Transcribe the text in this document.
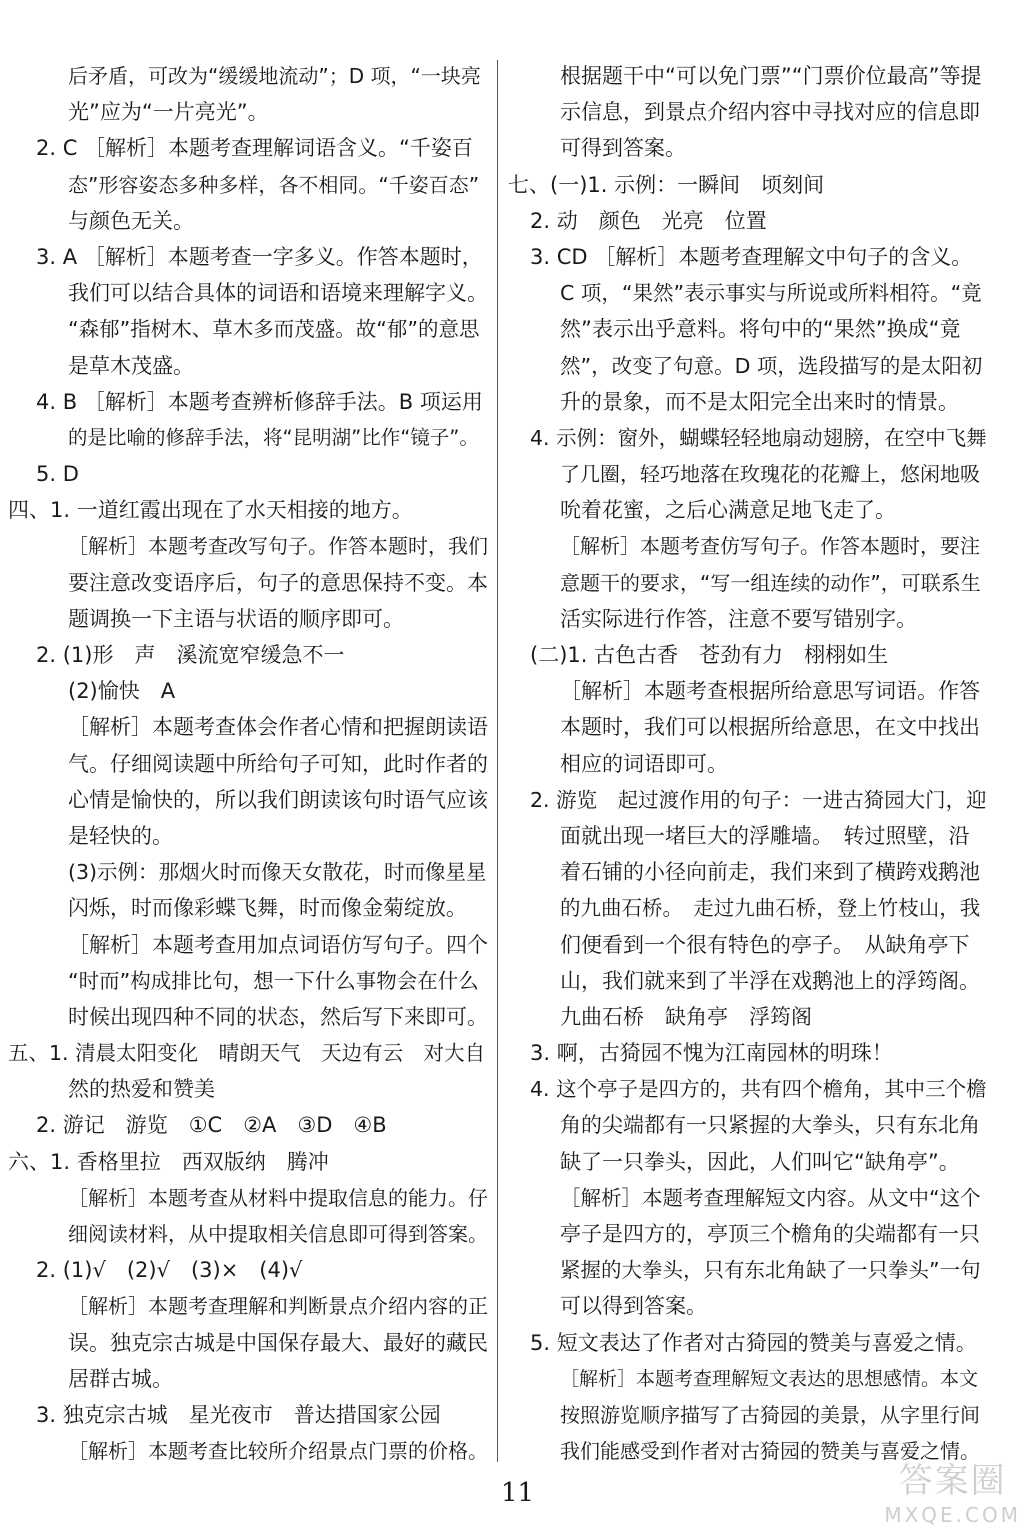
后矛盾，可改为“缓缓地流动”；D 项，“一块亮
光”应为“一片亮光”。
2. C ［解析］本题考查理解词语含义。“千姿百
态”形容姿态多种多样，各不相同。“千姿百态”
与颜色无关。
3. A ［解析］本题考查一字多义。作答本题时，
我们可以结合具体的词语和语境来理解字义。
“森郁”指树木、草木多而茂盛。故“郁”的意思
是草木茂盛。
4. B ［解析］本题考查辨析修辞手法。B 项运用
的是比喻的修辞手法，将“昆明湖”比作“镜子”。
5. D
四、1. 一道红霞出现在了水天相接的地方。
［解析］本题考查改写句子。作答本题时，我们
要注意改变语序后，句子的意思保持不变。本
题调换一下主语与状语的顺序即可。
2. (1)形　声　溪流宽窄缓急不一
(2)愉快　A
［解析］本题考查体会作者心情和把握朗读语
气。仔细阅读题中所给句子可知，此时作者的
心情是愉快的，所以我们朗读该句时语气应该
是轻快的。
(3)示例：那烟火时而像天女散花，时而像星星
闪烁，时而像彩蝶飞舞，时而像金菊绽放。
［解析］本题考查用加点词语仿写句子。四个
“时而”构成排比句，想一下什么事物会在什么
时候出现四种不同的状态，然后写下来即可。
五、1. 清晨太阳变化　晴朗天气　天边有云　对大自
然的热爱和赞美
2. 游记　游览　①C　②A　③D　④B
六、1. 香格里拉　西双版纳　腾冲
［解析］本题考查从材料中提取信息的能力。仔
细阅读材料，从中提取相关信息即可得到答案。
2. (1)√　(2)√　(3)×　(4)√
［解析］本题考查理解和判断景点介绍内容的正
误。独克宗古城是中国保存最大、最好的藏民
居群古城。
3. 独克宗古城　星光夜市　普达措国家公园
［解析］本题考查比较所介绍景点门票的价格。
根据题干中“可以免门票”“门票价位最高”等提
示信息，到景点介绍内容中寻找对应的信息即
可得到答案。
七、(一)1. 示例：一瞬间　顷刻间
2. 动　颜色　光亮　位置
3. CD ［解析］本题考查理解文中句子的含义。
C 项，“果然”表示事实与所说或所料相符。“竟
然”表示出乎意料。将句中的“果然”换成“竟
然”，改变了句意。D 项，选段描写的是太阳初
升的景象，而不是太阳完全出来时的情景。
4. 示例：窗外，蝴蝶轻轻地扇动翅膀，在空中飞舞
了几圈，轻巧地落在玫瑰花的花瓣上，悠闲地吸
吮着花蜜，之后心满意足地飞走了。
［解析］本题考查仿写句子。作答本题时，要注
意题干的要求，“写一组连续的动作”，可联系生
活实际进行作答，注意不要写错别字。
(二)1. 古色古香　苍劲有力　栩栩如生
［解析］本题考查根据所给意思写词语。作答
本题时，我们可以根据所给意思，在文中找出
相应的词语即可。
2. 游览　起过渡作用的句子：一进古猗园大门，迎
面就出现一堵巨大的浮雕墙。　转过照壁，沿
着石铺的小径向前走，我们来到了横跨戏鹅池
的九曲石桥。　走过九曲石桥，登上竹枝山，我
们便看到一个很有特色的亭子。　从缺角亭下
山，我们就来到了半浮在戏鹅池上的浮筠阁。
九曲石桥　缺角亭　浮筠阁
3. 啊，古猗园不愧为江南园林的明珠！
4. 这个亭子是四方的，共有四个檐角，其中三个檐
角的尖端都有一只紧握的大拳头，只有东北角
缺了一只拳头，因此，人们叫它“缺角亭”。
［解析］本题考查理解短文内容。从文中“这个
亭子是四方的，亭顶三个檐角的尖端都有一只
紧握的大拳头，只有东北角缺了一只拳头”一句
可以得到答案。
5. 短文表达了作者对古猗园的赞美与喜爱之情。
［解析］本题考查理解短文表达的思想感情。本文
按照游览顺序描写了古猗园的美景，从字里行间
我们能感受到作者对古猗园的赞美与喜爱之情。
11	答案圈
MXQE.COM
